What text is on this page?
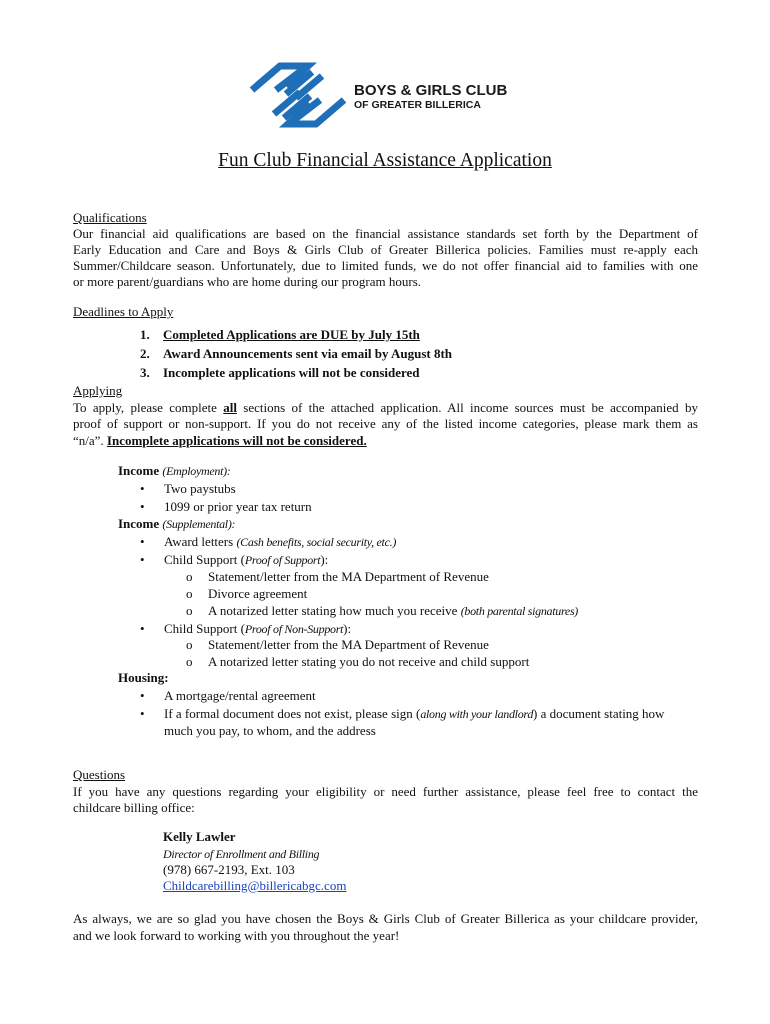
BOYS & GIRLS CLUB
OF GREATER BILLERICA
Fun Club Financial Assistance Application
Qualifications
Our financial aid qualifications are based on the financial assistance standards set forth by the Department of
Early Education and Care and Boys & Girls Club of Greater Billerica policies. Families must re-apply each
Summer/Childcare season. Unfortunately, due to limited funds, we do not offer financial aid to families with one
or more parent/guardians who are home during our program hours.
Deadlines to Apply
1. Completed Applications are DUE by July 15th
2. Award Announcements sent via email by August 8th
3. Incomplete applications will not be considered
Applying
To apply, please complete all sections of the attached application. All income sources must be accompanied by
proof of support or non-support. If you do not receive any of the listed income categories, please mark them as
“n/a”. Incomplete applications will not be considered.
Income (Employment):
• Two paystubs
• 1099 or prior year tax return
Income (Supplemental):
• Award letters (Cash benefits, social security, etc.)
• Child Support (Proof of Support):
o Statement/letter from the MA Department of Revenue
o Divorce agreement
o A notarized letter stating how much you receive (both parental signatures)
• Child Support (Proof of Non-Support):
o Statement/letter from the MA Department of Revenue
o A notarized letter stating you do not receive and child support
Housing:
• A mortgage/rental agreement
• If a formal document does not exist, please sign (along with your landlord) a document stating how
much you pay, to whom, and the address
Questions
If you have any questions regarding your eligibility or need further assistance, please feel free to contact the
childcare billing office:
Kelly Lawler
Director of Enrollment and Billing
(978) 667-2193, Ext. 103
Childcarebilling@billericabgc.com
As always, we are so glad you have chosen the Boys & Girls Club of Greater Billerica as your childcare provider,
and we look forward to working with you throughout the year!
